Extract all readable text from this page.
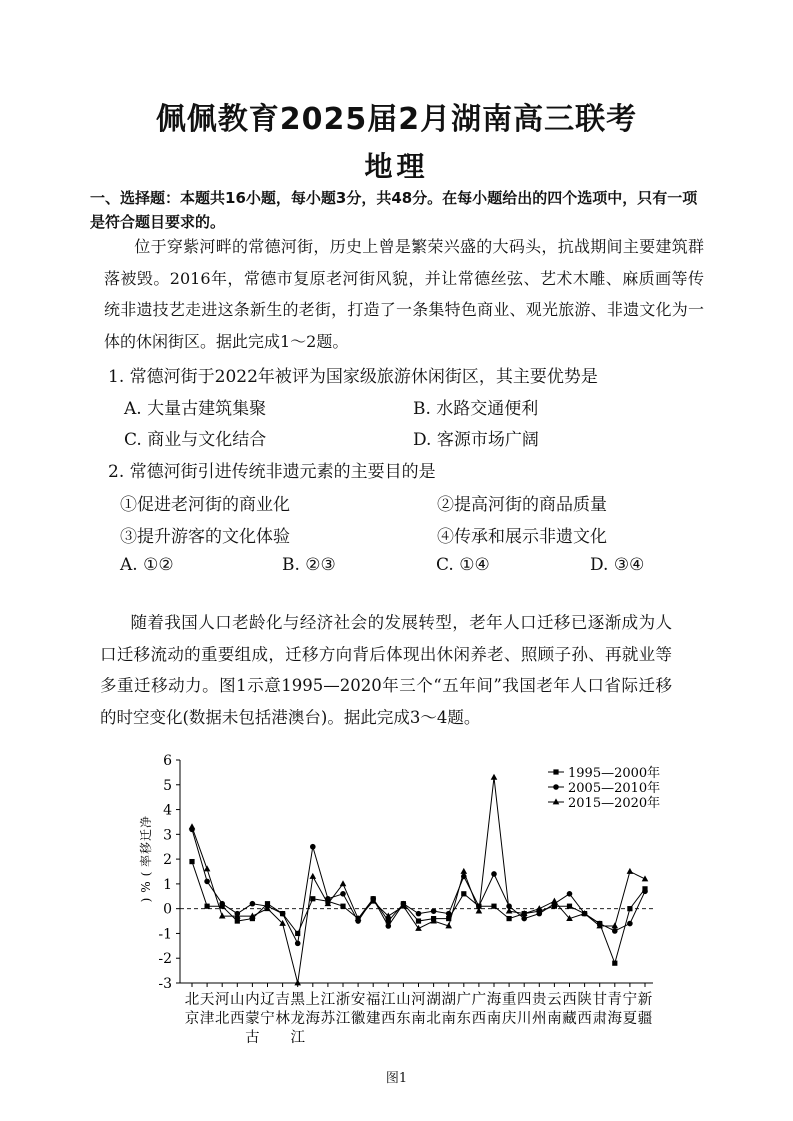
佩佩教育2025届2月湖南高三联考
地理
一、选择题：本题共16小题，每小题3分，共48分。在每小题给出的四个选项中，只有一项是符合题目要求的。
位于穿紫河畔的常德河街，历史上曾是繁荣兴盛的大码头，抗战期间主要建筑群落被毁。2016年，常德市复原老河街风貌，并让常德丝弦、艺术木雕、麻质画等传统非遗技艺走进这条新生的老街，打造了一条集特色商业、观光旅游、非遗文化为一体的休闲街区。据此完成1～2题。
1. 常德河街于2022年被评为国家级旅游休闲街区，其主要优势是
A. 大量古建筑集聚	B. 水路交通便利
C. 商业与文化结合	D. 客源市场广阔
2. 常德河街引进传统非遗元素的主要目的是
①促进老河街的商业化	②提高河街的商品质量
③提升游客的文化体验	④传承和展示非遗文化
A. ①②	B. ②③	C. ①④	D. ③④
随着我国人口老龄化与经济社会的发展转型，老年人口迁移已逐渐成为人口迁移流动的重要组成，迁移方向背后体现出休闲养老、照顾子孙、再就业等多重迁移动力。图1示意1995—2020年三个“五年间”我国老年人口省际迁移的时空变化(数据未包括港澳台)。据此完成3～4题。
6
5
4
3
2
1
0
-1
-2
-3
北
京
天
津
河
北
山
西
内
蒙
古
辽
宁
吉
林
黑
龙
江
上
海
江
苏
浙
江
安
徽
福
建
江
西
山
东
河
南
湖
北
湖
南
广
东
广
西
海
南
重
庆
四
川
贵
州
云
南
西
藏
陕
西
甘
肃
青
海
宁
夏
新
疆
净
迁
移
率
(
%
)
1995—2000年
2005—2010年
2015—2020年
图1
